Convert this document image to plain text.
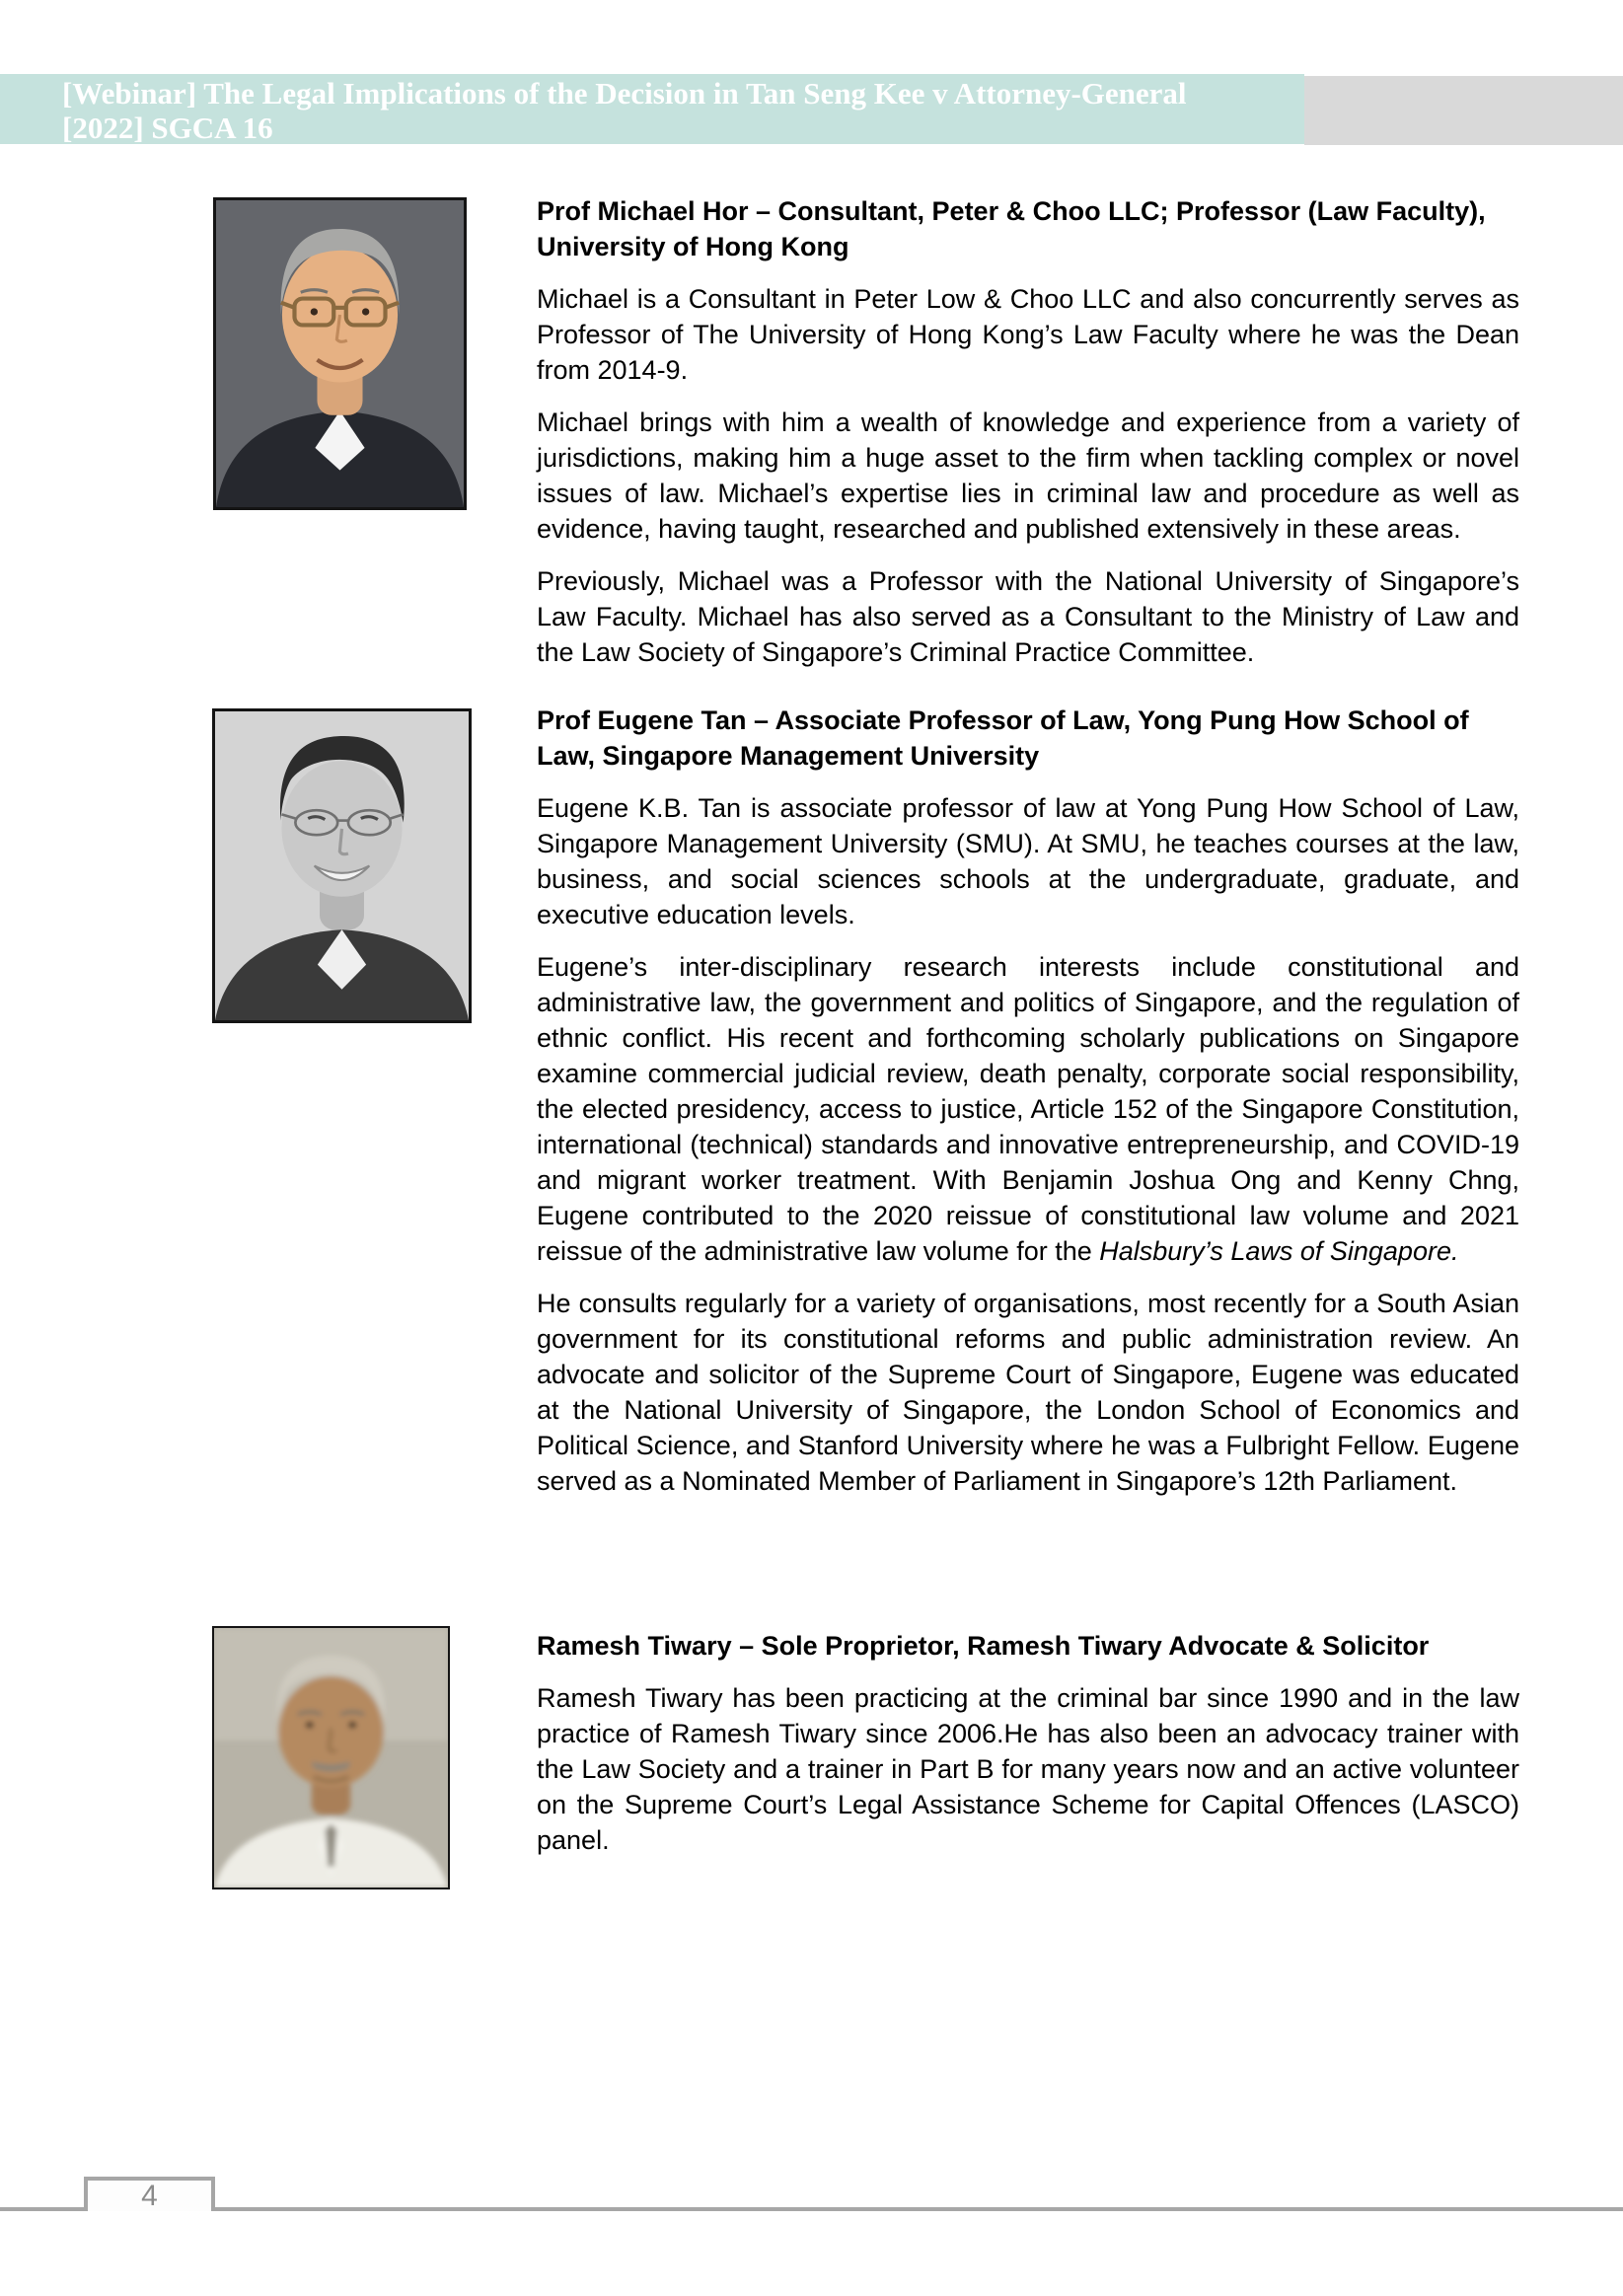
[Webinar] The Legal Implications of the Decision in Tan Seng Kee v Attorney-General
[2022] SGCA 16
Prof Michael Hor – Consultant, Peter & Choo LLC; Professor (Law Faculty), University of Hong Kong

Michael is a Consultant in Peter Low & Choo LLC and also concurrently serves as Professor of The University of Hong Kong’s Law Faculty where he was the Dean from 2014-9.

Michael brings with him a wealth of knowledge and experience from a variety of jurisdictions, making him a huge asset to the firm when tackling complex or novel issues of law. Michael’s expertise lies in criminal law and procedure as well as evidence, having taught, researched and published extensively in these areas.

Previously, Michael was a Professor with the National University of Singapore’s Law Faculty. Michael has also served as a Consultant to the Ministry of Law and the Law Society of Singapore’s Criminal Practice Committee.

Prof Eugene Tan – Associate Professor of Law, Yong Pung How School of Law, Singapore Management University

Eugene K.B. Tan is associate professor of law at Yong Pung How School of Law, Singapore Management University (SMU). At SMU, he teaches courses at the law, business, and social sciences schools at the undergraduate, graduate, and executive education levels.

Eugene’s inter-disciplinary research interests include constitutional and administrative law, the government and politics of Singapore, and the regulation of ethnic conflict. His recent and forthcoming scholarly publications on Singapore examine commercial judicial review, death penalty, corporate social responsibility, the elected presidency, access to justice, Article 152 of the Singapore Constitution, international (technical) standards and innovative entrepreneurship, and COVID-19 and migrant worker treatment. With Benjamin Joshua Ong and Kenny Chng, Eugene contributed to the 2020 reissue of constitutional law volume and 2021 reissue of the administrative law volume for the Halsbury’s Laws of Singapore.

He consults regularly for a variety of organisations, most recently for a South Asian government for its constitutional reforms and public administration review. An advocate and solicitor of the Supreme Court of Singapore, Eugene was educated at the National University of Singapore, the London School of Economics and Political Science, and Stanford University where he was a Fulbright Fellow. Eugene served as a Nominated Member of Parliament in Singapore’s 12th Parliament.

Ramesh Tiwary – Sole Proprietor, Ramesh Tiwary Advocate & Solicitor

Ramesh Tiwary has been practicing at the criminal bar since 1990 and in the law practice of Ramesh Tiwary since 2006.He has also been an advocacy trainer with the Law Society and a trainer in Part B for many years now and an active volunteer on the Supreme Court’s Legal Assistance Scheme for Capital Offences (LASCO) panel.

4
